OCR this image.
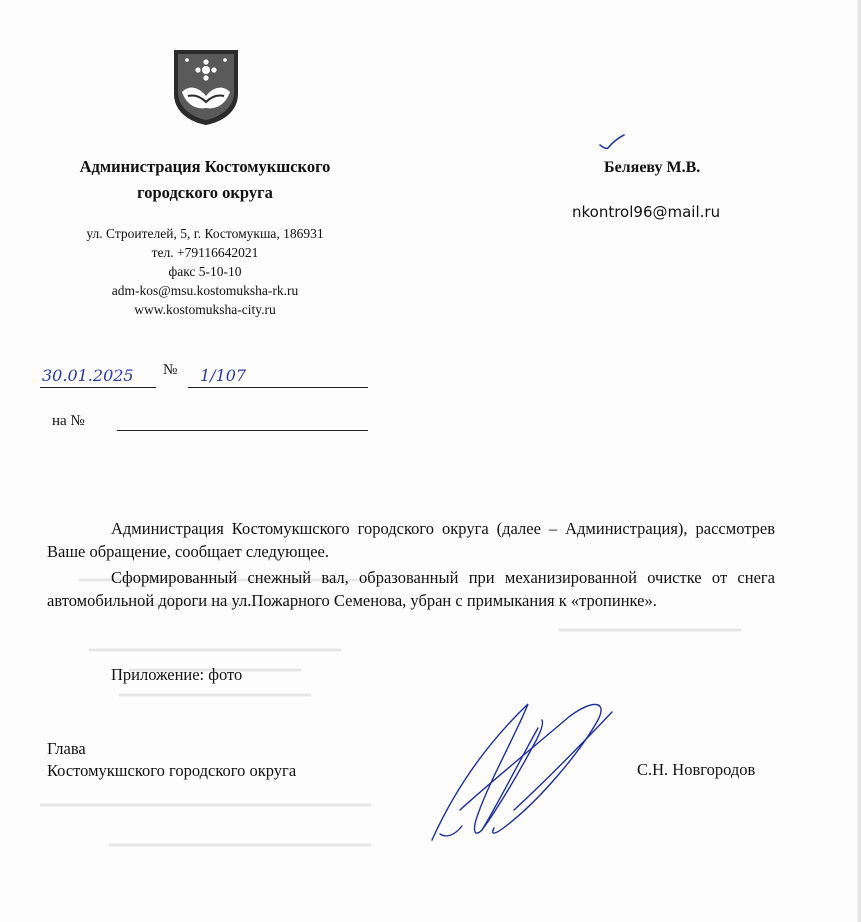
Администрация Костомукшского
городского округа
ул. Строителей, 5, г. Костомукша, 186931
тел. +79116642021
факс 5-10-10
adm-kos@msu.kostomuksha-rk.ru
www.kostomuksha-city.ru
Беляеву М.В.
nkontrol96@mail.ru
30.01.2025 № 1/107
на №
Администрация Костомукшского городского округа (далее – Администрация), рассмотрев Ваше обращение, сообщает следующее.
Сформированный снежный вал, образованный при механизированной очистке от снега автомобильной дороги на ул.Пожарного Семенова, убран с примыкания к «тропинке».
Приложение: фото
Глава
Костомукшского городского округа	С.Н. Новгородов
